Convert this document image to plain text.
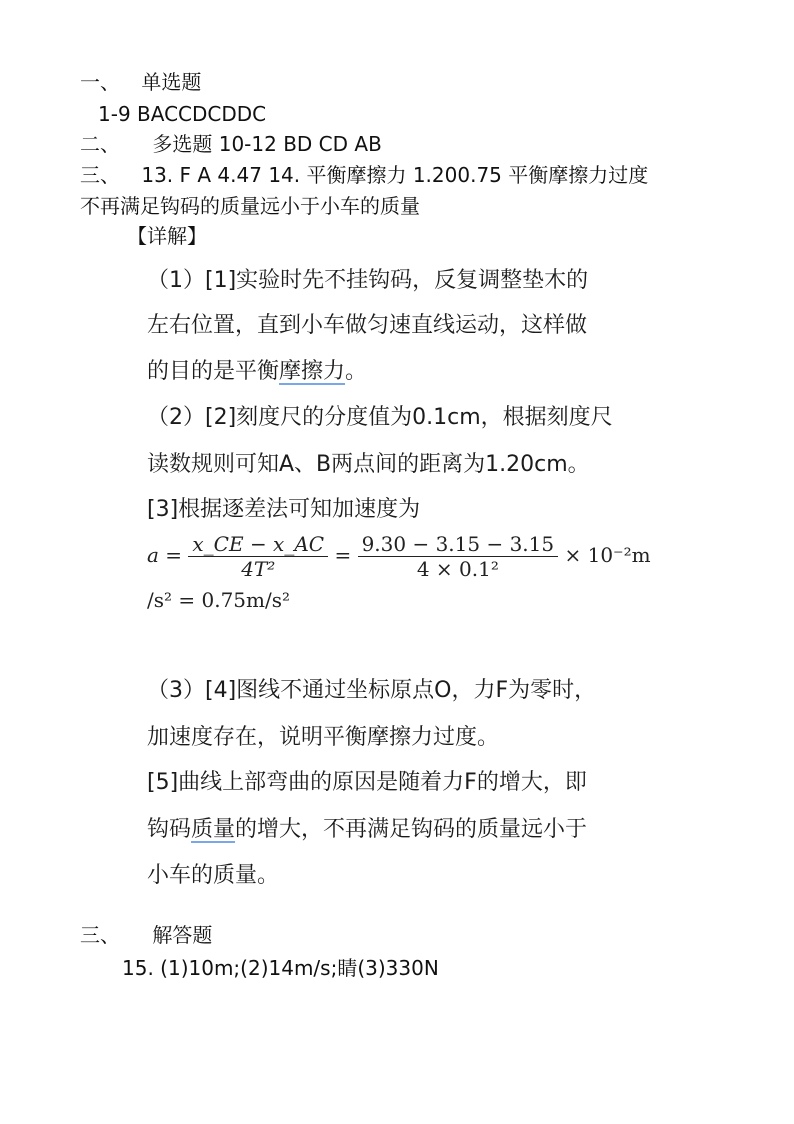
一、 单选题
1-9 BACCDCDDC
二、 多选题 10-12 BD CD AB
三、 13. F A 4.47 14. 平衡摩擦力 1.200.75 平衡摩擦力过度
不再满足钩码的质量远小于小车的质量
【详解】
（1）[1]实验时先不挂钩码，反复调整垫木的
左右位置，直到小车做匀速直线运动，这样做
的目的是平衡摩擦力。
（2）[2]刻度尺的分度值为0.1cm，根据刻度尺
读数规则可知A、B两点间的距离为1.20cm。
[3]根据逐差法可知加速度为
$a = \frac{x\_CE - x\_AC}{\text{4T²}} = \frac{9.30 - 3.15 - 3.15}{\text{4 × 0.1²}} \times 10^{-2}m$
/s² = 0.75m/s²
（3）[4]图线不通过坐标原点O，力F为零时，
加速度存在，说明平衡摩擦力过度。
[5]曲线上部弯曲的原因是随着力F的增大，即
钩码质量的增大，不再满足钩码的质量远小于
小车的质量。
三、 解答题
15. (1)10m;(2)14m/s;睛(3)330N
